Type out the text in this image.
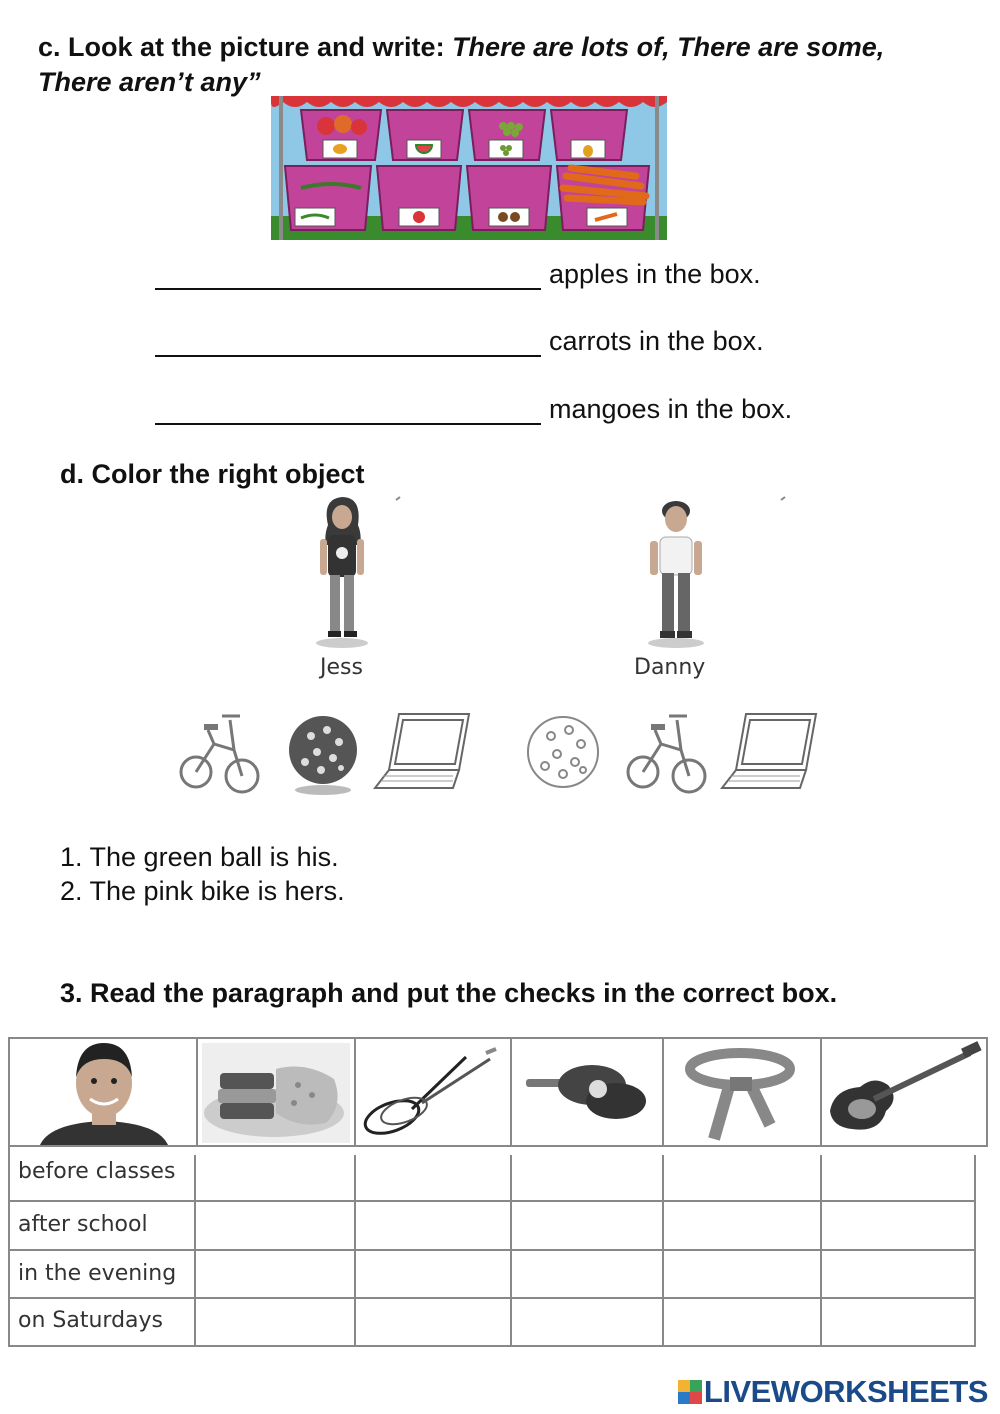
c. Look at the picture and write: There are lots of, There are some,
There aren’t any”
apples in the box.
carrots in the box.
mangoes in the box.
d. Color the right object
Jess	Danny
1. The green ball is his.
2. The pink bike is hers.
3. Read the paragraph and put the checks in the correct box.
before classes
after school
in the evening
on Saturdays
LIVEWORKSHEETS
